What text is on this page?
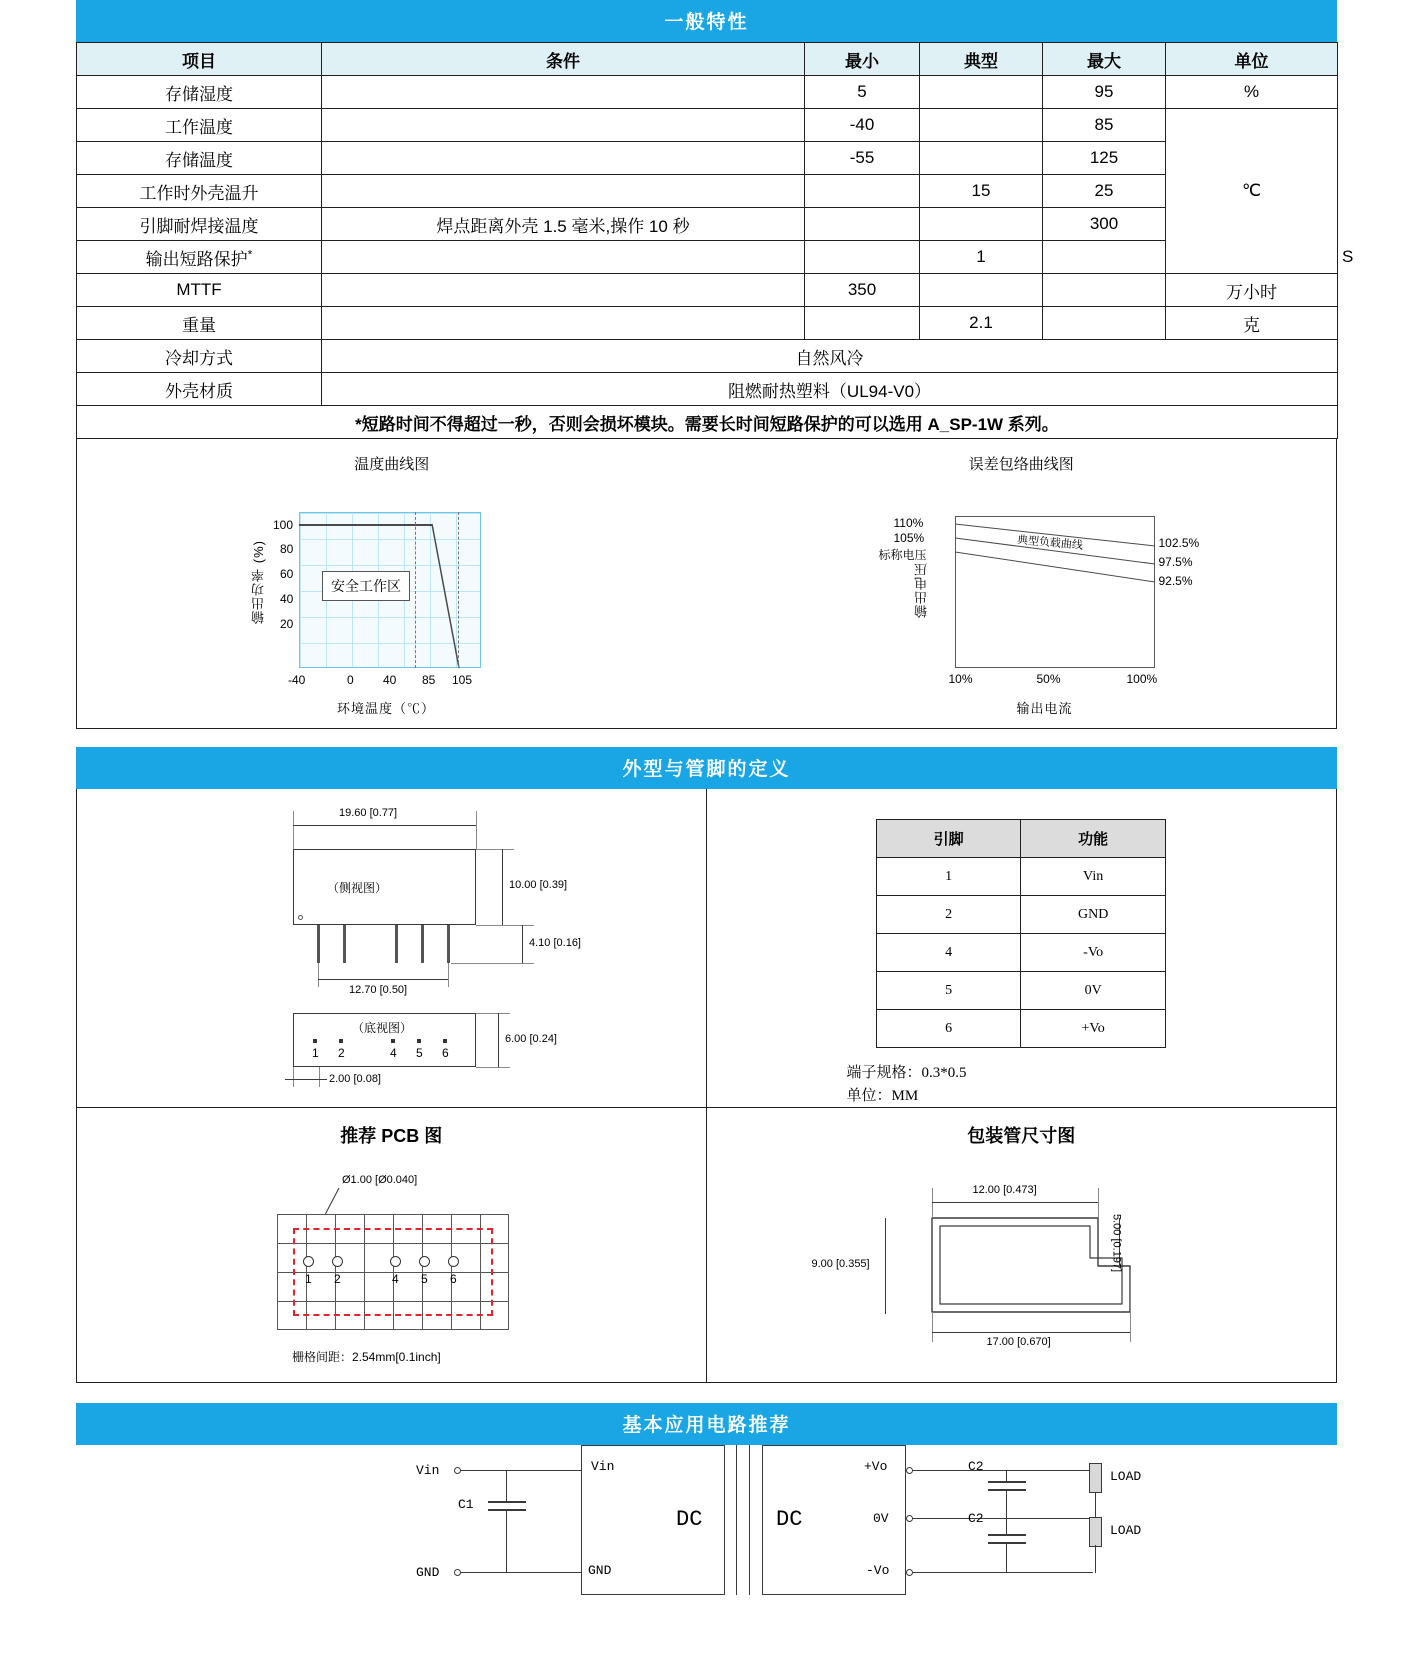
一般特性
项目	条件	最小	典型	最大	单位	
存储湿度		5		95	%	
工作温度		-40		85	℃	
存储温度		-55		125		
工作时外壳温升			15	25		
引脚耐焊接温度	焊点距离外壳 1.5 毫米,操作 10 秒			300		
输出短路保护*			1			S
MTTF		350			万小时	
重量			2.1		克	
冷却方式	自然风冷					
外壳材质	阻燃耐热塑料（UL94-V0）					
*短路时间不得超过一秒，否则会损坏模块。需要长时间短路保护的可以选用 A_SP-1W 系列。						
温度曲线图
输出功率 (%)
100
80
60
40
20
安全工作区
-40	0 40 85 105
环境温度（℃）
误差包络曲线图
输出电压
110%
105%
标称电压
102.5%
97.5%
92.5%
典型负载曲线
10%	50%	100%
输出电流
外型与管脚的定义
19.60 [0.77]
（侧视图）	10.00 [0.39]
4.10 [0.16]
12.70 [0.50]
（底视图）
1 2	4 5 6
6.00 [0.24]
2.00 [0.08]
引脚	功能
1	Vin
2	GND
4	-Vo
5	0V
6	+Vo
端子规格：0.3*0.5
单位：MM
推荐 PCB 图
Ø1.00 [Ø0.040]
1 2	4 5 6
栅格间距：2.54mm[0.1inch]
包装管尺寸图
12.00 [0.473]
5.00 [0.197]
9.00 [0.355]
17.00 [0.670]
基本应用电路推荐
Vin
GND
C1
Vin
GND
DC	DC
+Vo
0V
-Vo
C2
C2
LOAD
LOAD
